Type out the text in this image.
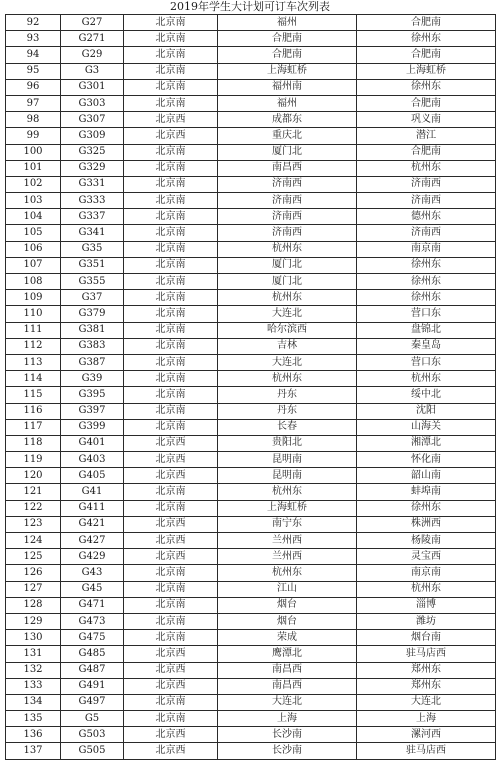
2019年学生大计划可订车次列表
92	G27	北京南	福州	合肥南
93	G271	北京南	合肥南	徐州东
94	G29	北京南	合肥南	合肥南
95	G3	北京南	上海虹桥	上海虹桥
96	G301	北京南	福州南	徐州东
97	G303	北京南	福州	合肥南
98	G307	北京西	成都东	巩义南
99	G309	北京西	重庆北	潜江
100	G325	北京南	厦门北	合肥南
101	G329	北京南	南昌西	杭州东
102	G331	北京南	济南西	济南西
103	G333	北京南	济南西	济南西
104	G337	北京南	济南西	德州东
105	G341	北京南	济南西	济南西
106	G35	北京南	杭州东	南京南
107	G351	北京南	厦门北	徐州东
108	G355	北京南	厦门北	徐州东
109	G37	北京南	杭州东	徐州东
110	G379	北京南	大连北	营口东
111	G381	北京南	哈尔滨西	盘锦北
112	G383	北京南	吉林	秦皇岛
113	G387	北京南	大连北	营口东
114	G39	北京南	杭州东	杭州东
115	G395	北京南	丹东	绥中北
116	G397	北京南	丹东	沈阳
117	G399	北京南	长春	山海关
118	G401	北京西	贵阳北	湘潭北
119	G403	北京西	昆明南	怀化南
120	G405	北京西	昆明南	韶山南
121	G41	北京南	杭州东	蚌埠南
122	G411	北京南	上海虹桥	徐州东
123	G421	北京西	南宁东	株洲西
124	G427	北京西	兰州西	杨陵南
125	G429	北京西	兰州西	灵宝西
126	G43	北京南	杭州东	南京南
127	G45	北京南	江山	杭州东
128	G471	北京南	烟台	淄博
129	G473	北京南	烟台	潍坊
130	G475	北京南	荣成	烟台南
131	G485	北京西	鹰潭北	驻马店西
132	G487	北京西	南昌西	郑州东
133	G491	北京西	南昌西	郑州东
134	G497	北京南	大连北	大连北
135	G5	北京南	上海	上海
136	G503	北京西	长沙南	漯河西
137	G505	北京西	长沙南	驻马店西
